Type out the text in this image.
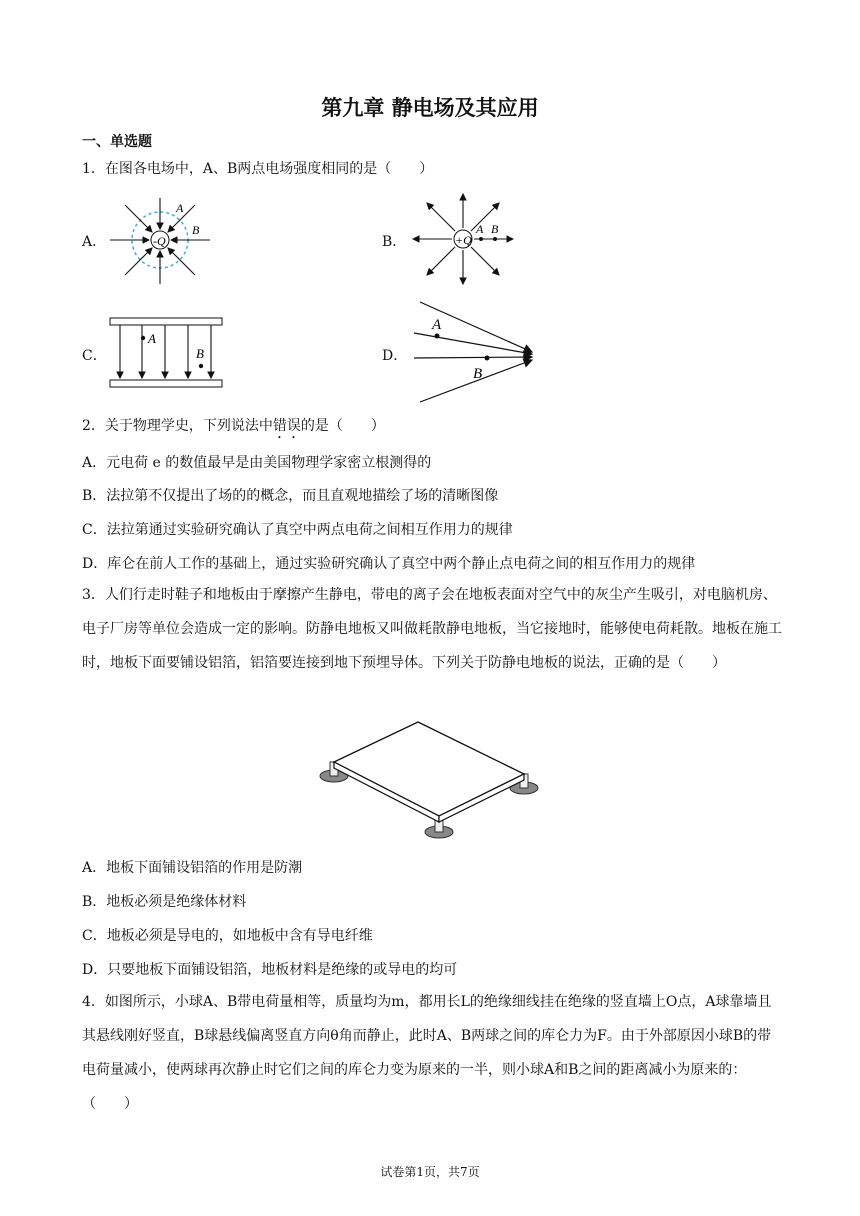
第九章 静电场及其应用
一、单选题
1．在图各电场中，A、B两点电场强度相同的是（　　）
A．	-Q
A
B
B．	+Q
A B
C．
A
B	D．
A
B
2．关于物理学史，下列说法中错误的是（　　）
A．元电荷 e 的数值最早是由美国物理学家密立根测得的
B．法拉第不仅提出了场的的概念，而且直观地描绘了场的清晰图像
C．法拉第通过实验研究确认了真空中两点电荷之间相互作用力的规律
D．库仑在前人工作的基础上，通过实验研究确认了真空中两个静止点电荷之间的相互作用力的规律
3．人们行走时鞋子和地板由于摩擦产生静电，带电的离子会在地板表面对空气中的灰尘产生吸引，对电脑机房、电子厂房等单位会造成一定的影响。防静电地板又叫做耗散静电地板，当它接地时，能够使电荷耗散。地板在施工时，地板下面要铺设铝箔，铝箔要连接到地下预埋导体。下列关于防静电地板的说法，正确的是（　　）
A．地板下面铺设铝箔的作用是防潮
B．地板必须是绝缘体材料
C．地板必须是导电的，如地板中含有导电纤维
D．只要地板下面铺设铝箔，地板材料是绝缘的或导电的均可
4．如图所示，小球A、B带电荷量相等，质量均为m，都用长L的绝缘细线挂在绝缘的竖直墙上O点，A球靠墙且其悬线刚好竖直，B球悬线偏离竖直方向θ角而静止，此时A、B两球之间的库仑力为F。由于外部原因小球B的带电荷量减小，使两球再次静止时它们之间的库仑力变为原来的一半，则小球A和B之间的距离减小为原来的：（　　）
试卷第1页，共7页
